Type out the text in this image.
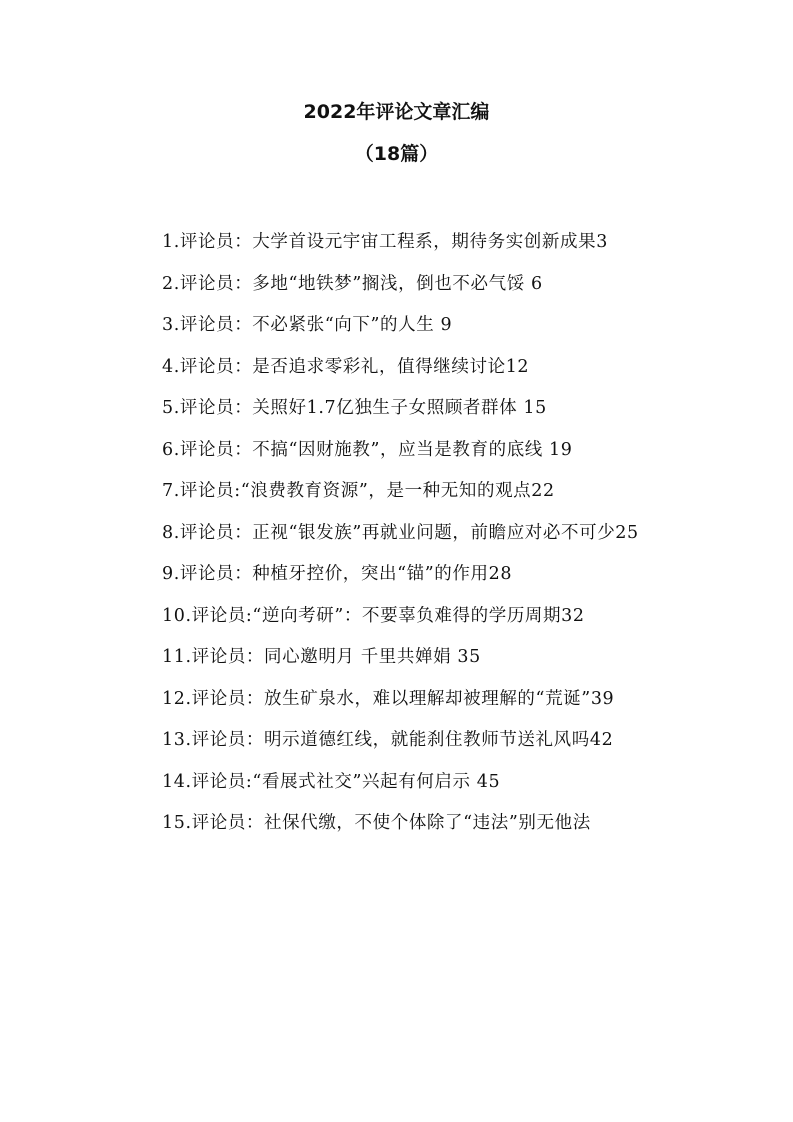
2022年评论文章汇编
（18篇）
1.评论员：大学首设元宇宙工程系，期待务实创新成果3
2.评论员：多地“地铁梦”搁浅，倒也不必气馁 6
3.评论员：不必紧张“向下”的人生 9
4.评论员：是否追求零彩礼，值得继续讨论12
5.评论员：关照好1.7亿独生子女照顾者群体 15
6.评论员：不搞“因财施教”，应当是教育的底线 19
7.评论员:“浪费教育资源”，是一种无知的观点22
8.评论员：正视“银发族”再就业问题，前瞻应对必不可少25
9.评论员：种植牙控价，突出“锚”的作用28
10.评论员:“逆向考研”：不要辜负难得的学历周期32
11.评论员：同心邀明月 千里共婵娟 35
12.评论员：放生矿泉水，难以理解却被理解的“荒诞”39
13.评论员：明示道德红线，就能刹住教师节送礼风吗42
14.评论员:“看展式社交”兴起有何启示 45
15.评论员：社保代缴，不使个体除了“违法”别无他法
